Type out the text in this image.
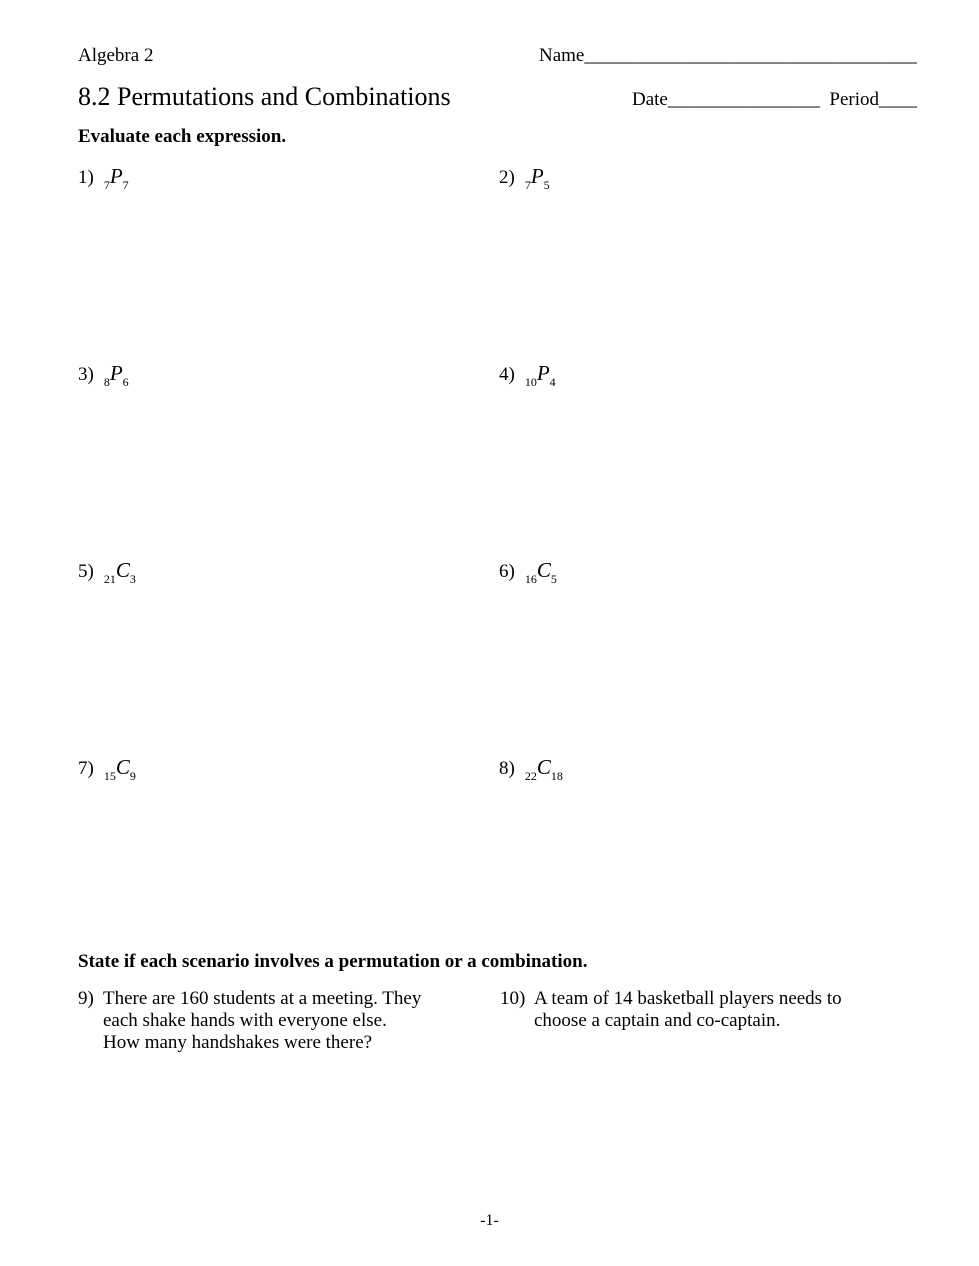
Algebra 2	Name___________________________________
8.2 Permutations and Combinations	Date________________ Period____
Evaluate each expression.
1) $_7P_7$	2) $_7P_5$
3) $_8P_6$	4) $_{10}P_4$
5) $_{21}C_3$	6) $_{16}C_5$
7) $_{15}C_9$	8) $_{22}C_{18}$
State if each scenario involves a permutation or a combination.
9) There are 160 students at a meeting. They
each shake hands with everyone else.
How many handshakes were there?
10) A team of 14 basketball players needs to
choose a captain and co-captain.
-1-
